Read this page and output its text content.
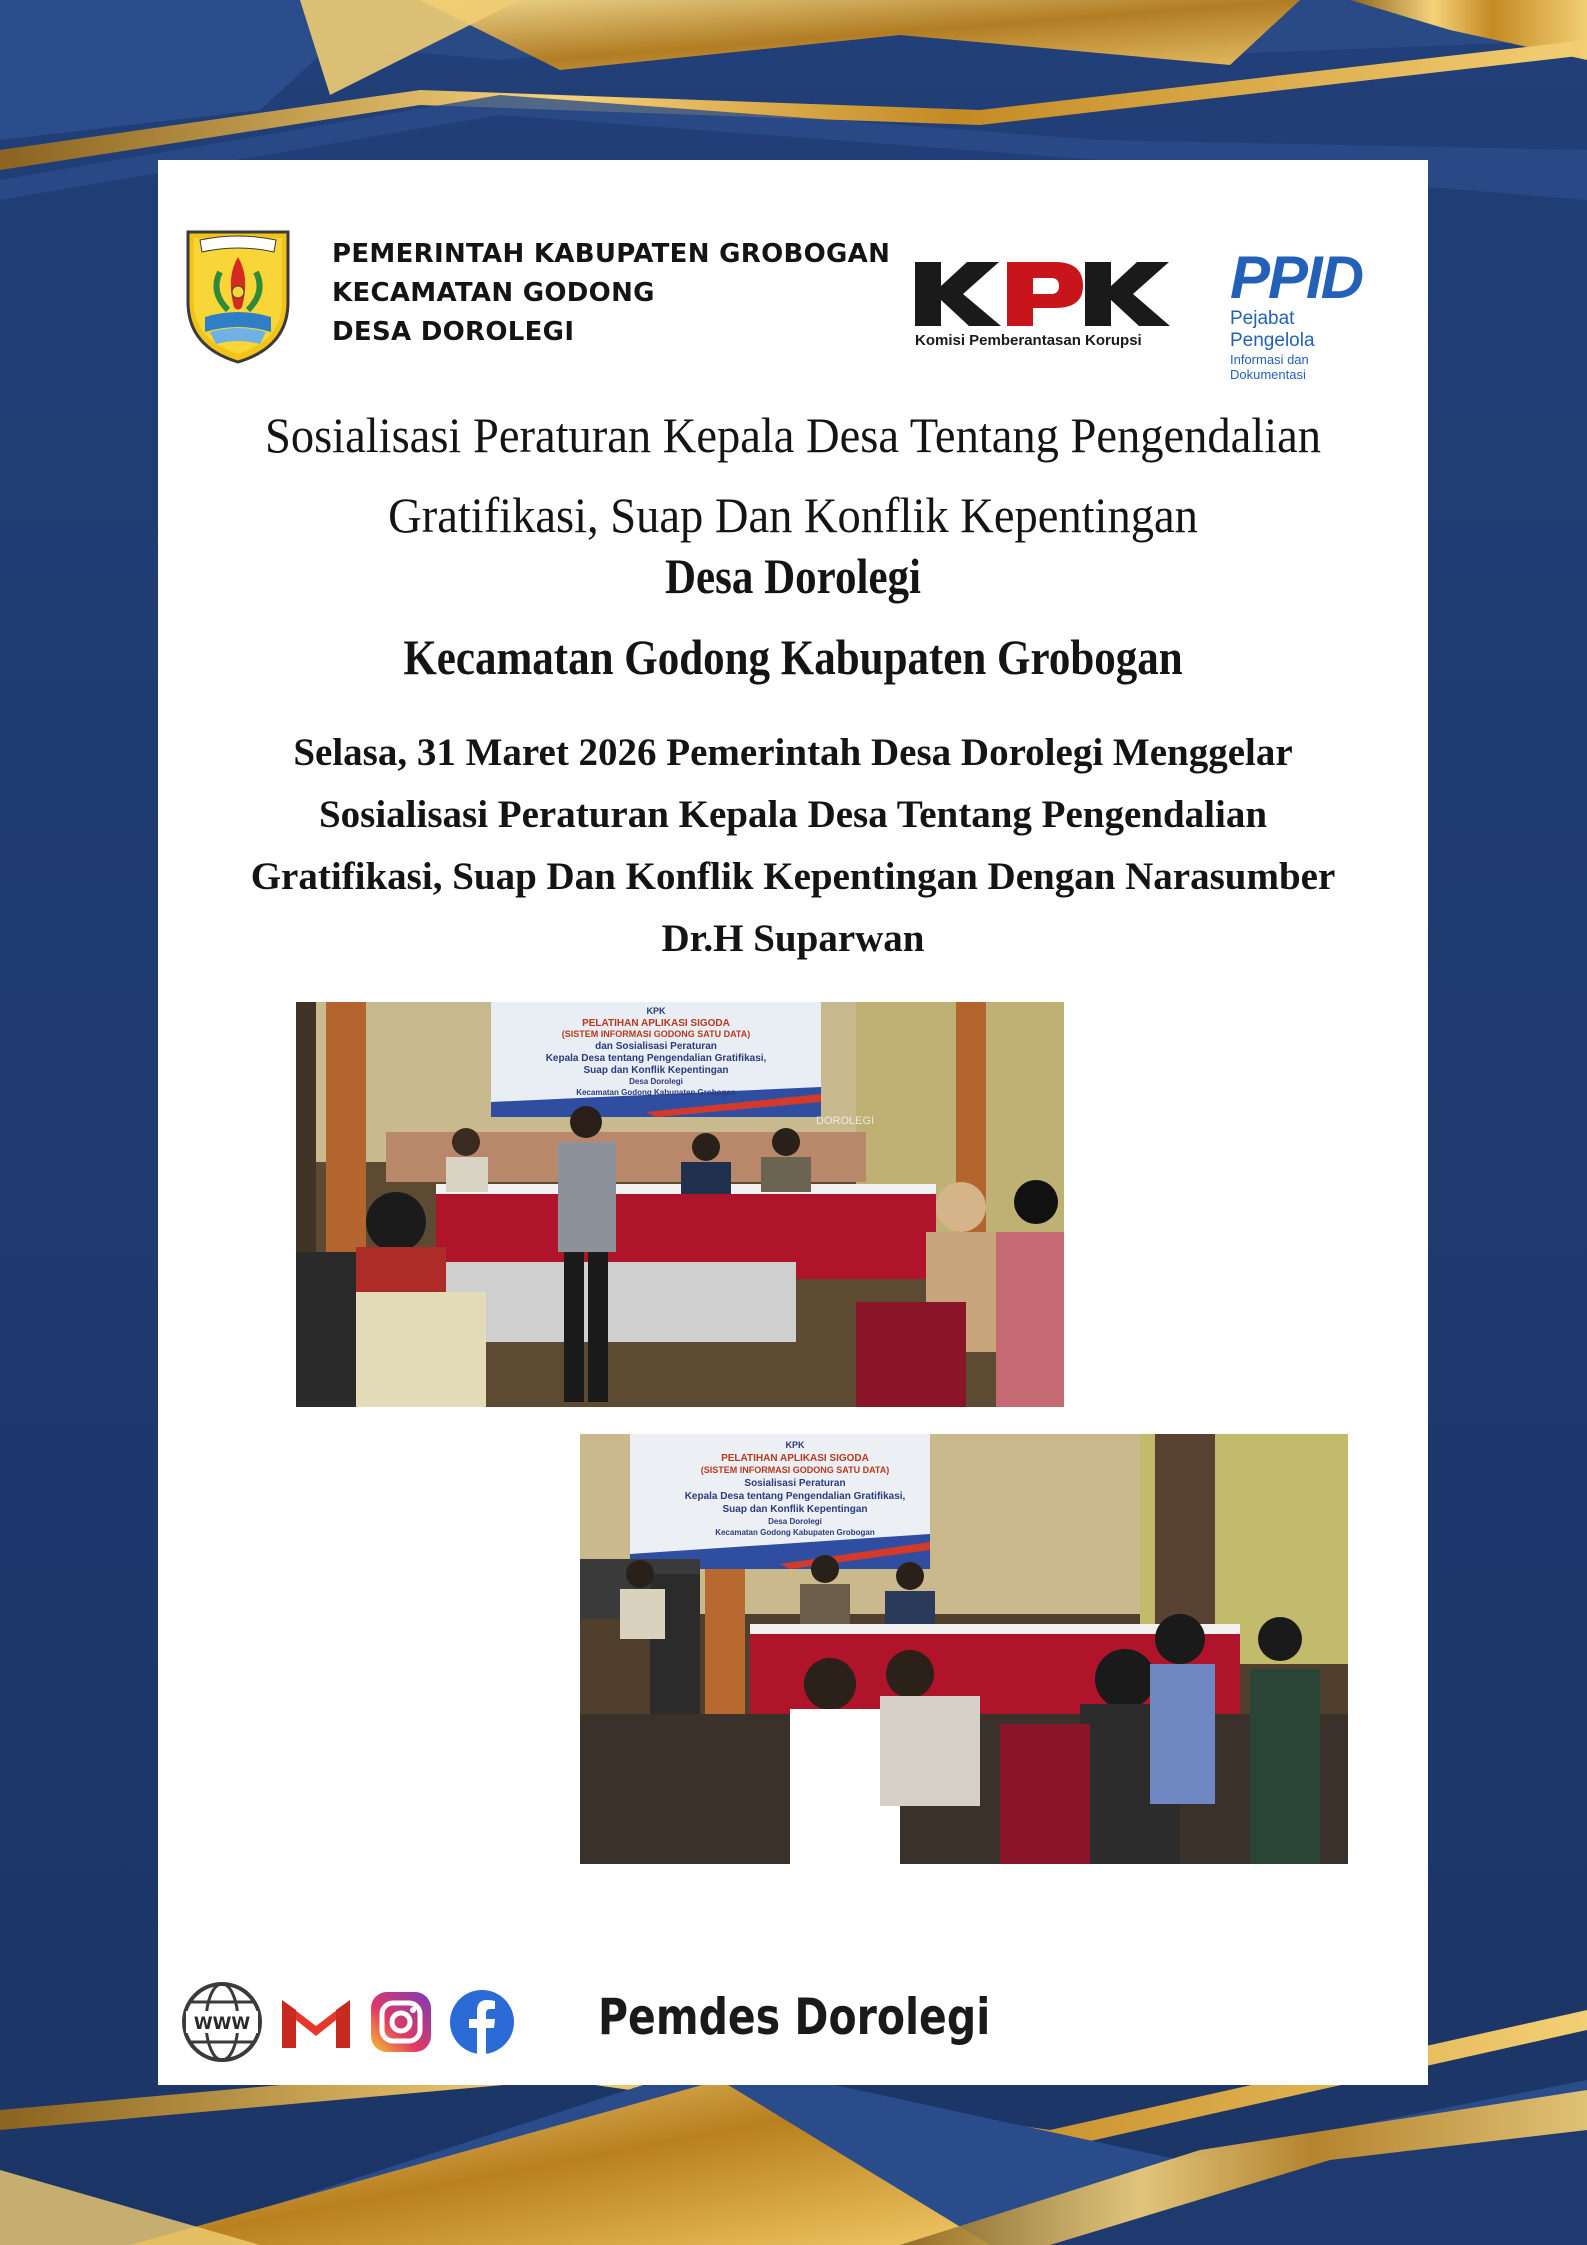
PEMERINTAH KABUPATEN GROBOGAN
KECAMATAN GODONG
DESA DOROLEGI	Komisi Pemberantasan Korupsi
PPID
Pejabat Pengelola
Informasi dan Dokumentasi
Sosialisasi Peraturan Kepala Desa Tentang Pengendalian
Gratifikasi, Suap Dan Konflik Kepentingan
Desa Dorolegi
Kecamatan Godong Kabupaten Grobogan
Selasa, 31 Maret 2026 Pemerintah Desa Dorolegi Menggelar
Sosialisasi Peraturan Kepala Desa Tentang Pengendalian
Gratifikasi, Suap Dan Konflik Kepentingan Dengan Narasumber
Dr.H Suparwan
KPK
PELATIHAN APLIKASI SIGODA
(SISTEM INFORMASI GODONG SATU DATA)
dan Sosialisasi Peraturan
Kepala Desa tentang Pengendalian Gratifikasi,
Suap dan Konflik Kepentingan
Desa Dorolegi
Kecamatan Godong Kabupaten Grobogan
DOROLEGI
KPK
PELATIHAN APLIKASI SIGODA
(SISTEM INFORMASI GODONG SATU DATA)
Sosialisasi Peraturan
Kepala Desa tentang Pengendalian Gratifikasi,
Suap dan Konflik Kepentingan
Desa Dorolegi
Kecamatan Godong Kabupaten Grobogan
WWW	Pemdes Dorolegi
